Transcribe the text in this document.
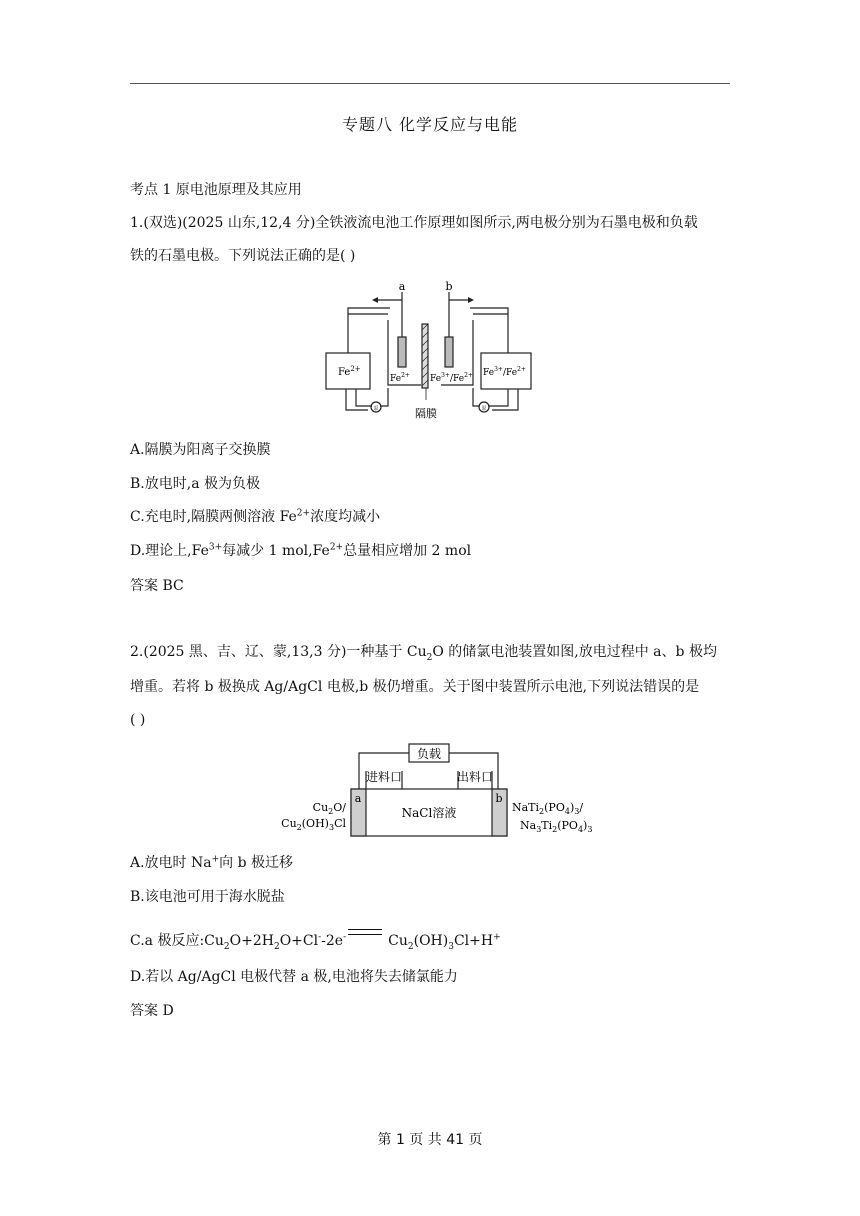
专题八 化学反应与电能
考点 1 原电池原理及其应用
1.(双选)(2025 山东,12,4 分)全铁液流电池工作原理如图所示,两电极分别为石墨电极和负载
铁的石墨电极。下列说法正确的是( )
a	b
$Fe^{2+}$
$Fe^{2+}$ $Fe^{3+}/Fe^{2+}$ $Fe^{3+}/Fe^{2+}$
泵	泵
隔膜
A.隔膜为阳离子交换膜
B.放电时,a 极为负极
C.充电时,隔膜两侧溶液 $Fe^{2+}$浓度均减小
D.理论上$,Fe^{3+}$每减少 1 $mol,Fe^{2+}$总量相应增加 2 mol
答案 BC
2.(2025 黑、吉、辽、蒙,13,3 分)一种基于 $Cu_2O$ 的储氯电池装置如图,放电过程中 a、b 极均
增重。若将 b 极换成 Ag/AgCl 电极,b 极仍增重。关于图中装置所示电池,下列说法错误的是
( )
负载
进料口	出料口
a	b
NaCl溶液
$Cu_2O/$
$Cu_2(OH)_3Cl$
$NaTi_2(PO_4)_3/$
$Na_3Ti_2(PO_4)_3$
A.放电时 Na+向 b 极迁移
B.该电池可用于海水脱盐
C.a 极反应$:Cu_2O+2H_2O+Cl^--2e^-$	$Cu_2(OH)_3Cl+H^+$
D.若以 Ag/AgCl 电极代替 a 极,电池将失去储氯能力
答案 D
第 1 页 共 41 页
